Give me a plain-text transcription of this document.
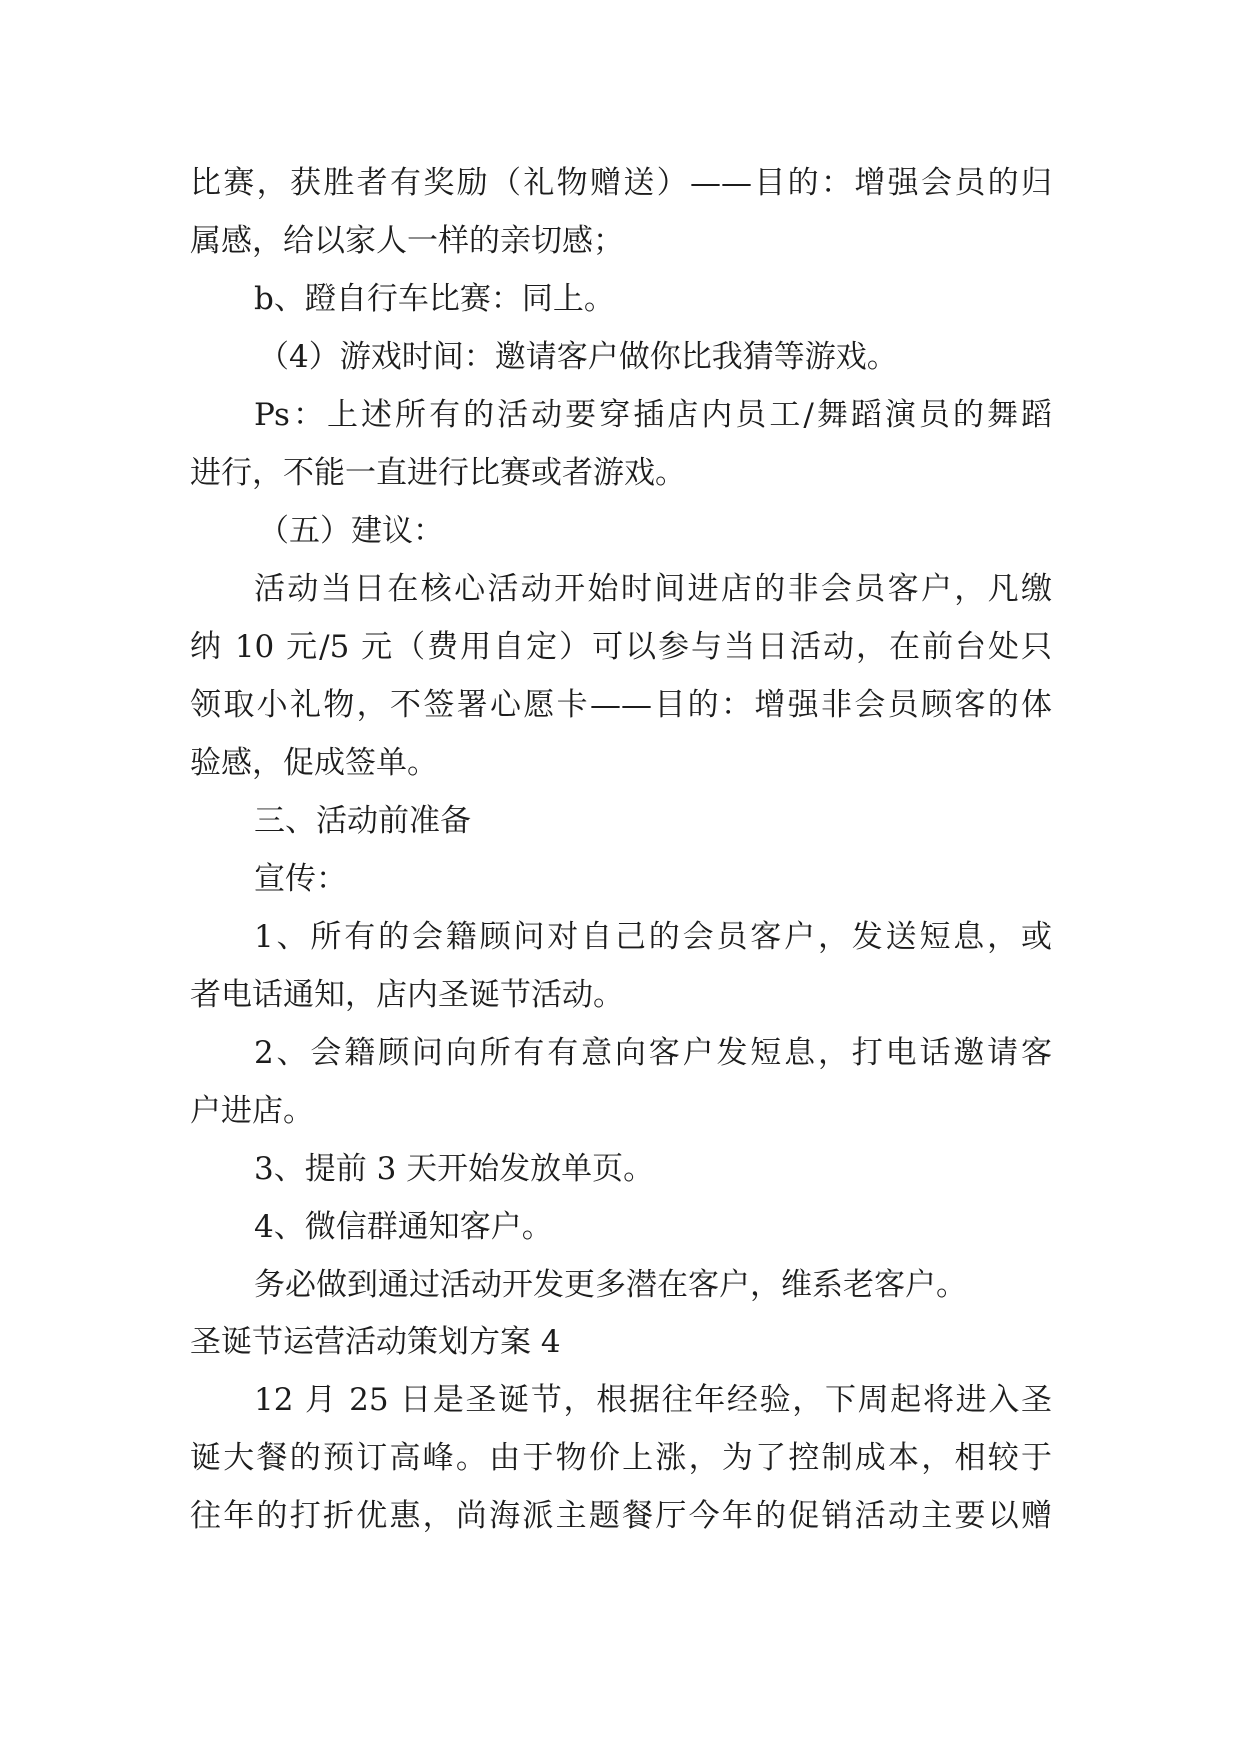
比赛，获胜者有奖励（礼物赠送）——目的：增强会员的归
属感，给以家人一样的亲切感；
b、蹬自行车比赛：同上。
（4）游戏时间：邀请客户做你比我猜等游戏。
Ps：上述所有的活动要穿插店内员工/舞蹈演员的舞蹈
进行，不能一直进行比赛或者游戏。
（五）建议：
活动当日在核心活动开始时间进店的非会员客户，凡缴
纳 10 元/5 元（费用自定）可以参与当日活动，在前台处只
领取小礼物，不签署心愿卡——目的：增强非会员顾客的体
验感，促成签单。
三、活动前准备
宣传：
1、所有的会籍顾问对自己的会员客户，发送短息，或
者电话通知，店内圣诞节活动。
2、会籍顾问向所有有意向客户发短息，打电话邀请客
户进店。
3、提前 3 天开始发放单页。
4、微信群通知客户。
务必做到通过活动开发更多潜在客户，维系老客户。
圣诞节运营活动策划方案 4
12 月 25 日是圣诞节，根据往年经验，下周起将进入圣
诞大餐的预订高峰。由于物价上涨，为了控制成本，相较于
往年的打折优惠，尚海派主题餐厅今年的促销活动主要以赠
